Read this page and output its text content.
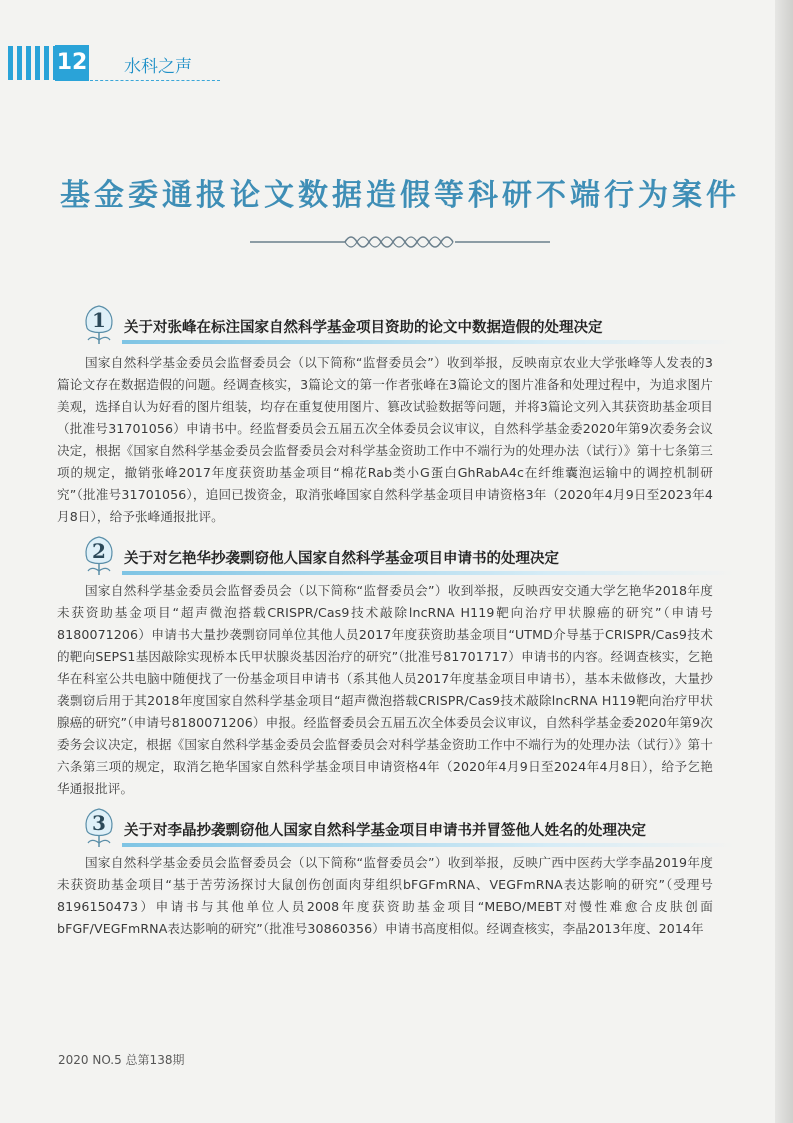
12 水科之声
基金委通报论文数据造假等科研不端行为案件
1 关于对张峰在标注国家自然科学基金项目资助的论文中数据造假的处理决定
国家自然科学基金委员会监督委员会（以下简称“监督委员会”）收到举报，反映南京农业大学张峰等人发表的3篇论文存在数据造假的问题。经调查核实，3篇论文的第一作者张峰在3篇论文的图片准备和处理过程中，为追求图片美观，选择自认为好看的图片组装，均存在重复使用图片、篡改试验数据等问题，并将3篇论文列入其获资助基金项目（批准号31701056）申请书中。经监督委员会五届五次全体委员会议审议，自然科学基金委2020年第9次委务会议决定，根据《国家自然科学基金委员会监督委员会对科学基金资助工作中不端行为的处理办法（试行）》第十七条第三项的规定，撤销张峰2017年度获资助基金项目“棉花Rab类小G蛋白GhRabA4c在纤维囊泡运输中的调控机制研究”（批准号31701056），追回已拨资金，取消张峰国家自然科学基金项目申请资格3年（2020年4月9日至2023年4月8日），给予张峰通报批评。
2 关于对乞艳华抄袭剽窃他人国家自然科学基金项目申请书的处理决定
国家自然科学基金委员会监督委员会（以下简称“监督委员会”）收到举报，反映西安交通大学乞艳华2018年度未获资助基金项目“超声微泡搭载CRISPR/Cas9技术敲除lncRNA H119靶向治疗甲状腺癌的研究”（申请号8180071206）申请书大量抄袭剽窃同单位其他人员2017年度获资助基金项目“UTMD介导基于CRISPR/Cas9技术的靶向SEPS1基因敲除实现桥本氏甲状腺炎基因治疗的研究”（批准号81701717）申请书的内容。经调查核实，乞艳华在科室公共电脑中随便找了一份基金项目申请书（系其他人员2017年度基金项目申请书），基本未做修改，大量抄袭剽窃后用于其2018年度国家自然科学基金项目“超声微泡搭载CRISPR/Cas9技术敲除lncRNA H119靶向治疗甲状腺癌的研究”（申请号8180071206）申报。经监督委员会五届五次全体委员会议审议，自然科学基金委2020年第9次委务会议决定，根据《国家自然科学基金委员会监督委员会对科学基金资助工作中不端行为的处理办法（试行）》第十六条第三项的规定，取消乞艳华国家自然科学基金项目申请资格4年（2020年4月9日至2024年4月8日），给予乞艳华通报批评。
3 关于对李晶抄袭剽窃他人国家自然科学基金项目申请书并冒签他人姓名的处理决定
国家自然科学基金委员会监督委员会（以下简称“监督委员会”）收到举报，反映广西中医药大学李晶2019年度未获资助基金项目“基于苦劳汤探讨大鼠创伤创面肉芽组织bFGFmRNA、VEGFmRNA表达影响的研究”（受理号8196150473）申请书与其他单位人员2008年度获资助基金项目“MEBO/MEBT对慢性难愈合皮肤创面bFGF/VEGFmRNA表达影响的研究”（批准号30860356）申请书高度相似。经调查核实，李晶2013年度、2014年
2020 NO.5 总第138期
